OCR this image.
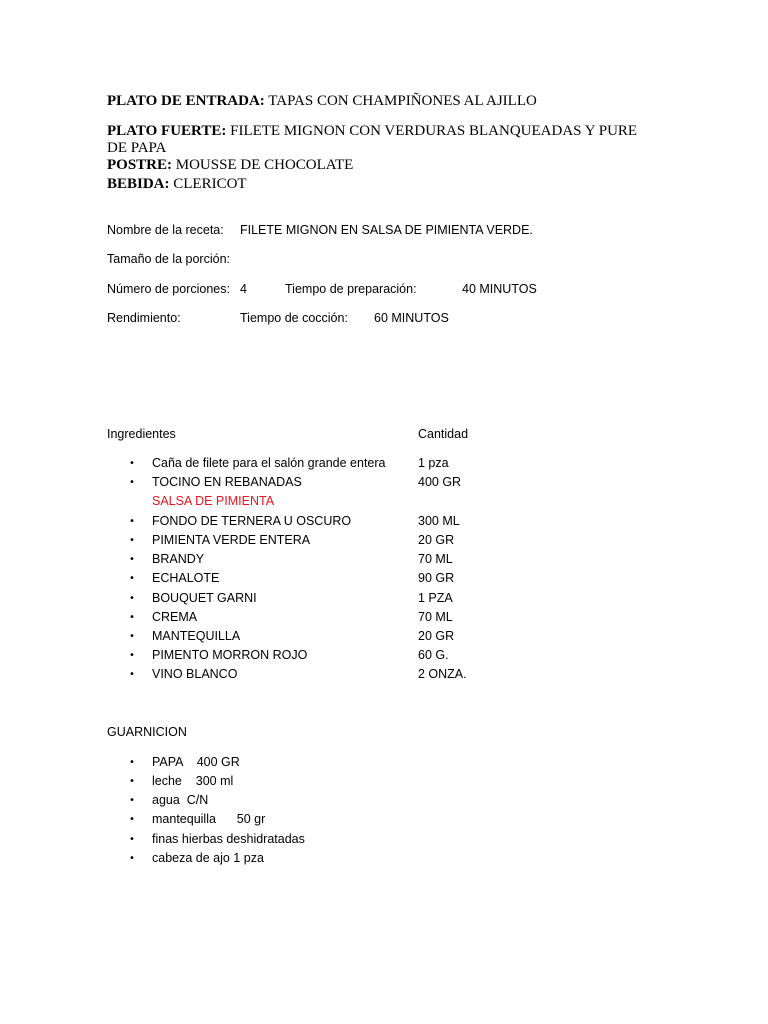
PLATO DE ENTRADA: TAPAS CON CHAMPIÑONES AL AJILLO
PLATO FUERTE: FILETE MIGNON CON VERDURAS BLANQUEADAS Y PURE DE PAPA
POSTRE: MOUSSE DE CHOCOLATE
BEBIDA: CLERICOT
Nombre de la receta: FILETE MIGNON EN SALSA DE PIMIENTA VERDE.
Tamaño de la porción:
Número de porciones: 4	Tiempo de preparación:	40 MINUTOS
Rendimiento:	Tiempo de cocción: 60 MINUTOS
Ingredientes	Cantidad
• Caña de filete para el salón grande entera	1 pza
• TOCINO EN REBANADAS	400 GR
SALSA DE PIMIENTA
• FONDO DE TERNERA U OSCURO	300 ML
• PIMIENTA VERDE ENTERA	20 GR
• BRANDY	70 ML
• ECHALOTE	90 GR
• BOUQUET GARNI	1 PZA
• CREMA	70 ML
• MANTEQUILLA	20 GR
• PIMENTO MORRON ROJO	60 G.
• VINO BLANCO	2 ONZA.
GUARNICION
• PAPA    400 GR
• leche    300 ml
• agua  C/N
• mantequilla      50 gr
• finas hierbas deshidratadas
• cabeza de ajo 1 pza
